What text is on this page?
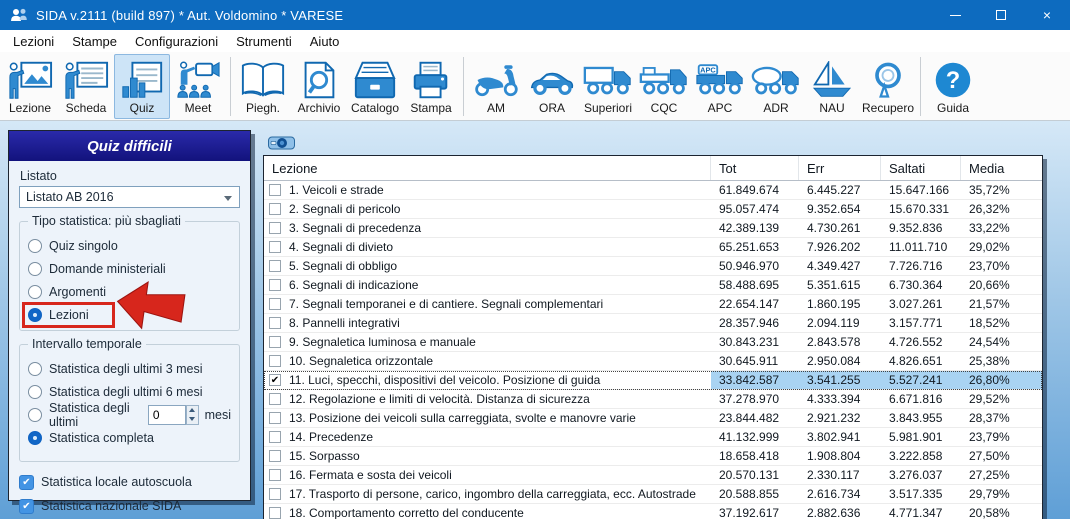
SIDA v.2111 (build 897) * Aut. Voldomino * VARESE	×
Lezioni	Stampe	Configurazioni	Strumenti	Aiuto
Lezione Scheda Quiz	Meet	Piegh. Archivio Catalogo Stampa	AM	ORA Superiori CQC
APC
APC	ADR	NAU Recupero
?
Guida
Quiz difficili
Listato
Listato AB 2016
Tipo statistica: più sbagliati
Quiz singolo
Domande ministeriali
Argomenti
Lezioni
Intervallo temporale
Statistica degli ultimi 3 mesi
Statistica degli ultimi 6 mesi
Statistica degli ultimi
0	mesi
Statistica completa
✔ Statistica locale autoscuola
✔ Statistica nazionale SIDA
Lezione	Tot	Err	Saltati	Media
1. Veicoli e strade	61.849.674	6.445.227	15.647.166	35,72%
2. Segnali di pericolo	95.057.474	9.352.654	15.670.331	26,32%
3. Segnali di precedenza	42.389.139	4.730.261	9.352.836	33,22%
4. Segnali di divieto	65.251.653	7.926.202	11.011.710	29,02%
5. Segnali di obbligo	50.946.970	4.349.427	7.726.716	23,70%
6. Segnali di indicazione	58.488.695	5.351.615	6.730.364	20,66%
7. Segnali temporanei e di cantiere. Segnali complementari	22.654.147	1.860.195	3.027.261	21,57%
8. Pannelli integrativi	28.357.946	2.094.119	3.157.771	18,52%
9. Segnaletica luminosa e manuale	30.843.231	2.843.578	4.726.552	24,54%
10. Segnaletica orizzontale	30.645.911	2.950.084	4.826.651	25,38%
✔ 11. Luci, specchi, dispositivi del veicolo. Posizione di guida	33.842.587	3.541.255	5.527.241	26,80%
12. Regolazione e limiti di velocità. Distanza di sicurezza	37.278.970	4.333.394	6.671.816	29,52%
13. Posizione dei veicoli sulla carreggiata, svolte e manovre varie	23.844.482	2.921.232	3.843.955	28,37%
14. Precedenze	41.132.999	3.802.941	5.981.901	23,79%
15. Sorpasso	18.658.418	1.908.804	3.222.858	27,50%
16. Fermata e sosta dei veicoli	20.570.131	2.330.117	3.276.037	27,25%
17. Trasporto di persone, carico, ingombro della carreggiata, ecc. Autostrade	20.588.855	2.616.734	3.517.335	29,79%
18. Comportamento corretto del conducente	37.192.617	2.882.636	4.771.347	20,58%
